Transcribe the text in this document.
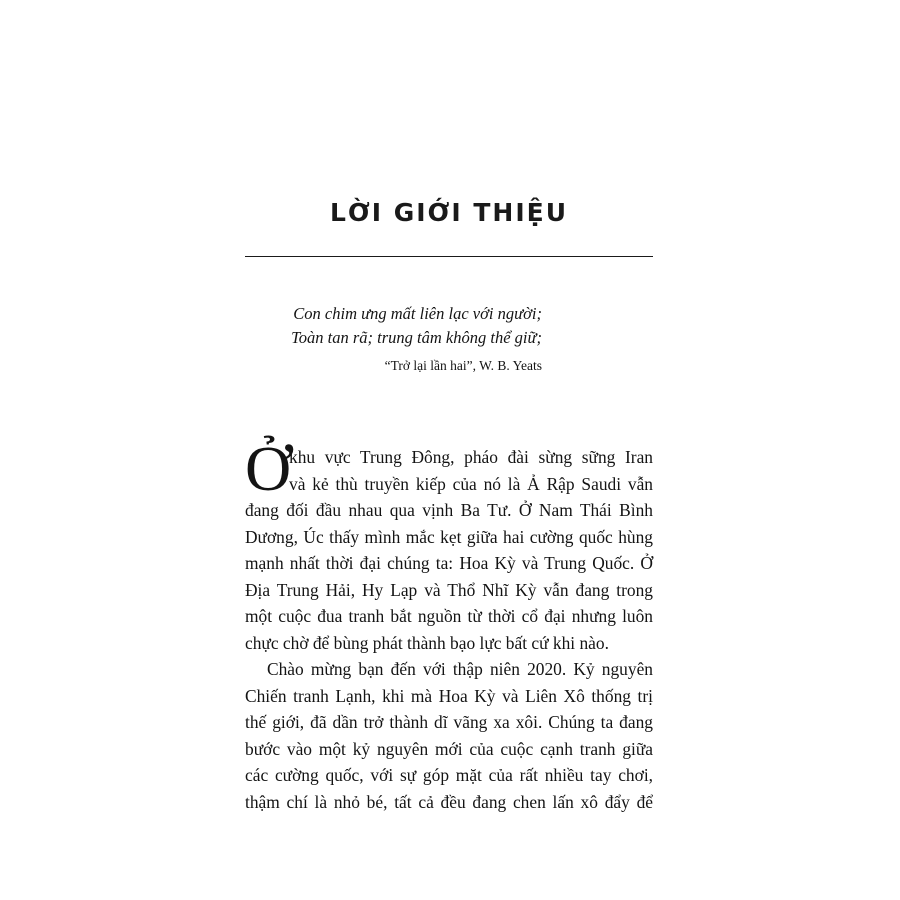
LỜI GIỚI THIỆU
Con chim ưng mất liên lạc với người;
Toàn tan rã; trung tâm không thể giữ;
“Trở lại lần hai”, W. B. Yeats
Ở
khu vực Trung Đông, pháo đài sừng sững Iran
và kẻ thù truyền kiếp của nó là Ả Rập Saudi vẫn
đang đối đầu nhau qua vịnh Ba Tư. Ở Nam Thái Bình
Dương, Úc thấy mình mắc kẹt giữa hai cường quốc hùng
mạnh nhất thời đại chúng ta: Hoa Kỳ và Trung Quốc. Ở
Địa Trung Hải, Hy Lạp và Thổ Nhĩ Kỳ vẫn đang trong
một cuộc đua tranh bắt nguồn từ thời cổ đại nhưng luôn
chực chờ để bùng phát thành bạo lực bất cứ khi nào.
Chào mừng bạn đến với thập niên 2020. Kỷ nguyên
Chiến tranh Lạnh, khi mà Hoa Kỳ và Liên Xô thống trị
thế giới, đã dần trở thành dĩ vãng xa xôi. Chúng ta đang
bước vào một kỷ nguyên mới của cuộc cạnh tranh giữa
các cường quốc, với sự góp mặt của rất nhiều tay chơi,
thậm chí là nhỏ bé, tất cả đều đang chen lấn xô đẩy để
